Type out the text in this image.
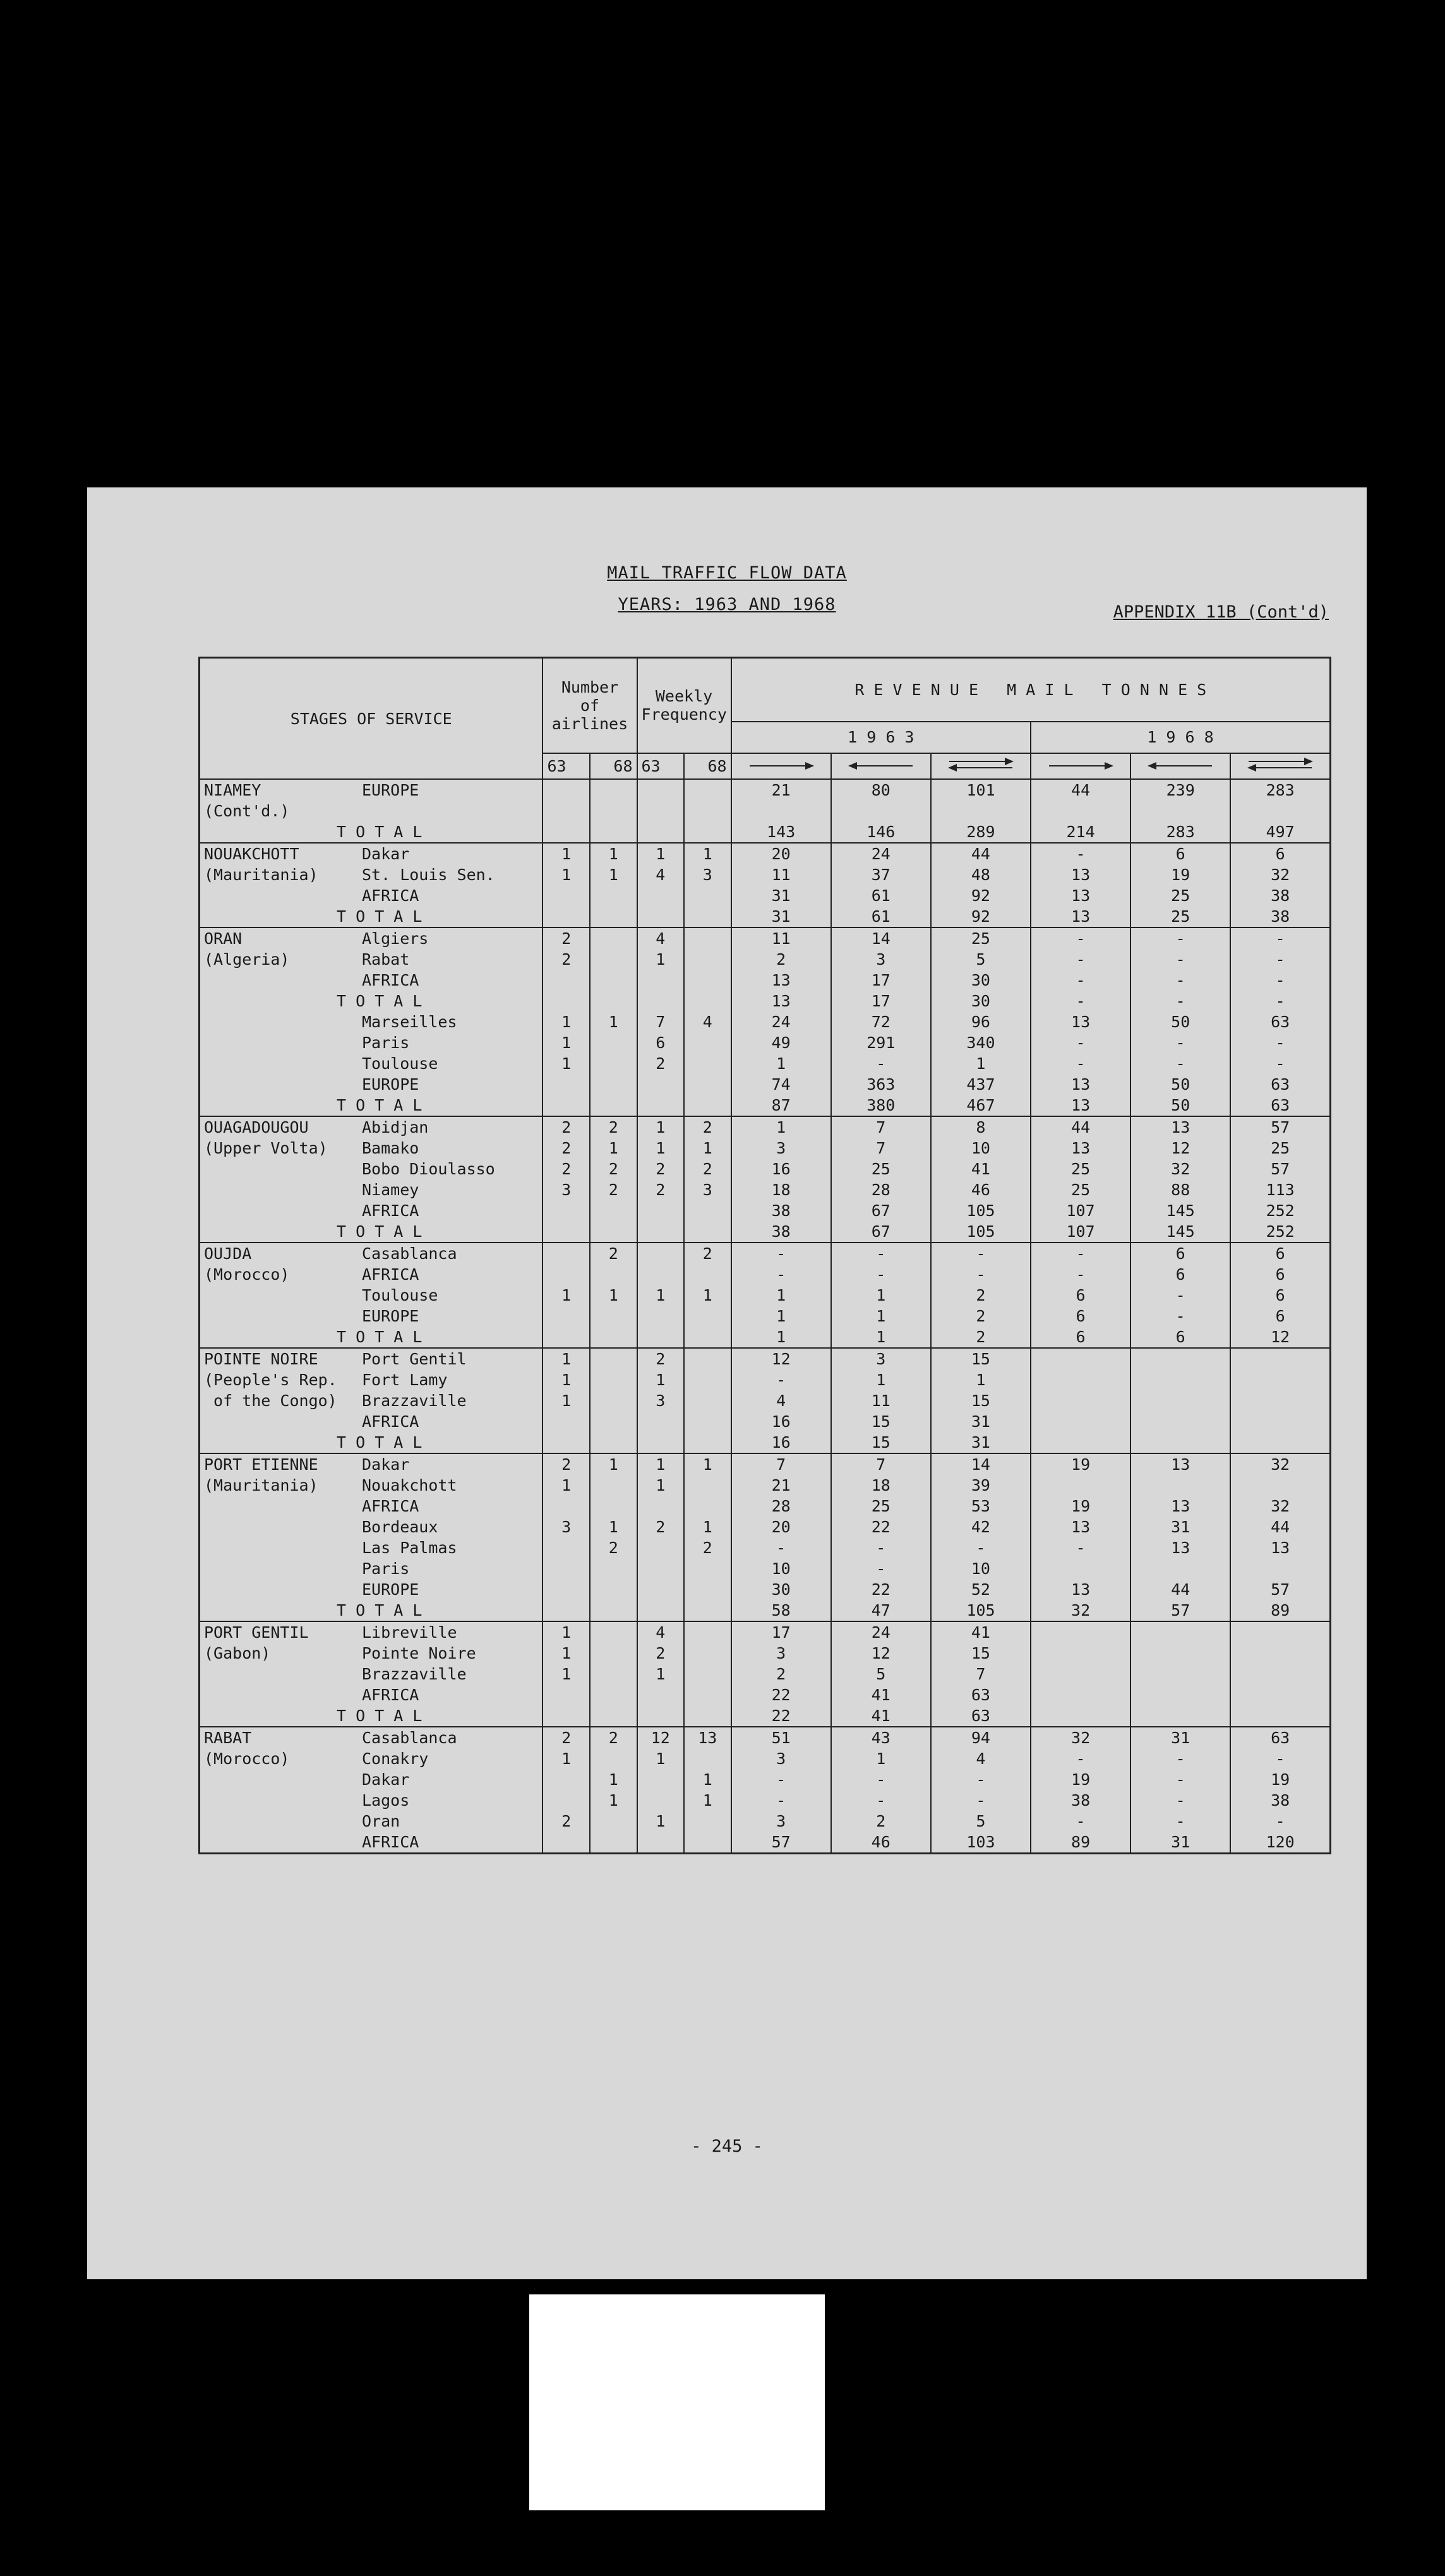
MAIL TRAFFIC FLOW DATA
YEARS: 1963 AND 1968	APPENDIX 11B (Cont'd)
STAGES OF SERVICE	Number of airlines		Weekly Frequency		R E V E N U E   M A I L   T O N N E S					
					1 9 6 3			1 9 6 8		
	63	68	63	68	

NIAMEY EUROPE					21	80	101	44	239	283
(Cont'd.)										
T O T A L					143	146	289	214	283	497
NOUAKCHOTT Dakar	1	1	1	1	20	24	44	-	6	6
(Mauritania) St. Louis Sen.	1	1	4	3	11	37	48	13	19	32
AFRICA					31	61	92	13	25	38
T O T A L					31	61	92	13	25	38
ORAN Algiers	2		4		11	14	25	-	-	-
(Algeria) Rabat	2		1		2	3	5	-	-	-
AFRICA					13	17	30	-	-	-
T O T A L					13	17	30	-	-	-
Marseilles	1	1	7	4	24	72	96	13	50	63
Paris	1		6		49	291	340	-	-	-
Toulouse	1		2		1	-	1	-	-	-
EUROPE					74	363	437	13	50	63
T O T A L					87	380	467	13	50	63
OUAGADOUGOU Abidjan	2	2	1	2	1	7	8	44	13	57
(Upper Volta) Bamako	2	1	1	1	3	7	10	13	12	25
Bobo Dioulasso	2	2	2	2	16	25	41	25	32	57
Niamey	3	2	2	3	18	28	46	25	88	113
AFRICA					38	67	105	107	145	252
T O T A L					38	67	105	107	145	252
OUJDA Casablanca		2		2	-	-	-	-	6	6
(Morocco) AFRICA					-	-	-	-	6	6
Toulouse	1	1	1	1	1	1	2	6	-	6
EUROPE					1	1	2	6	-	6
T O T A L					1	1	2	6	6	12
POINTE NOIRE Port Gentil	1		2		12	3	15			
(People's Rep. Fort Lamy	1		1		-	1	1			
of the Congo) Brazzaville	1		3		4	11	15			
AFRICA					16	15	31			
T O T A L					16	15	31			
PORT ETIENNE Dakar	2	1	1	1	7	7	14	19	13	32
(Mauritania) Nouakchott	1		1		21	18	39			
AFRICA					28	25	53	19	13	32
Bordeaux	3	1	2	1	20	22	42	13	31	44
Las Palmas		2		2	-	-	-	-	13	13
Paris					10	-	10			
EUROPE					30	22	52	13	44	57
T O T A L					58	47	105	32	57	89
PORT GENTIL Libreville	1		4		17	24	41			
(Gabon) Pointe Noire	1		2		3	12	15			
Brazzaville	1		1		2	5	7			
AFRICA					22	41	63			
T O T A L					22	41	63			
RABAT Casablanca	2	2	12	13	51	43	94	32	31	63
(Morocco) Conakry	1		1		3	1	4	-	-	-
Dakar		1		1	-	-	-	19	-	19
Lagos		1		1	-	-	-	38	-	38
Oran	2		1		3	2	5	-	-	-
AFRICA					57	46	103	89	31	120
- 245 -
